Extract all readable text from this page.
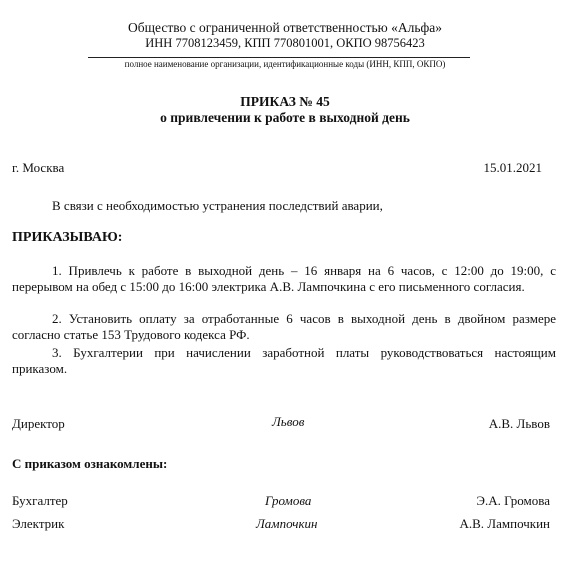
Общество с ограниченной ответственностью «Альфа»
ИНН 7708123459, КПП 770801001, ОКПО 98756423
полное наименование организации, идентификационные коды (ИНН, КПП, ОКПО)
ПРИКАЗ № 45
о привлечении к работе в выходной день
г. Москва	15.01.2021
В связи с необходимостью устранения последствий аварии,
ПРИКАЗЫВАЮ:
1. Привлечь к работе в выходной день – 16 января на 6 часов, с 12:00 до 19:00, с перерывом на обед с 15:00 до 16:00 электрика А.В. Лампочкина с его письменного согласия.
2. Установить оплату за отработанные 6 часов в выходной день в двойном размере согласно статье 153 Трудового кодекса РФ.
3. Бухгалтерии при начислении заработной платы руководствоваться настоящим приказом.
Директор	Львов	А.В. Львов
С приказом ознакомлены:
Бухгалтер	Громова	Э.А. Громова
Электрик	Лампочкин	А.В. Лампочкин
